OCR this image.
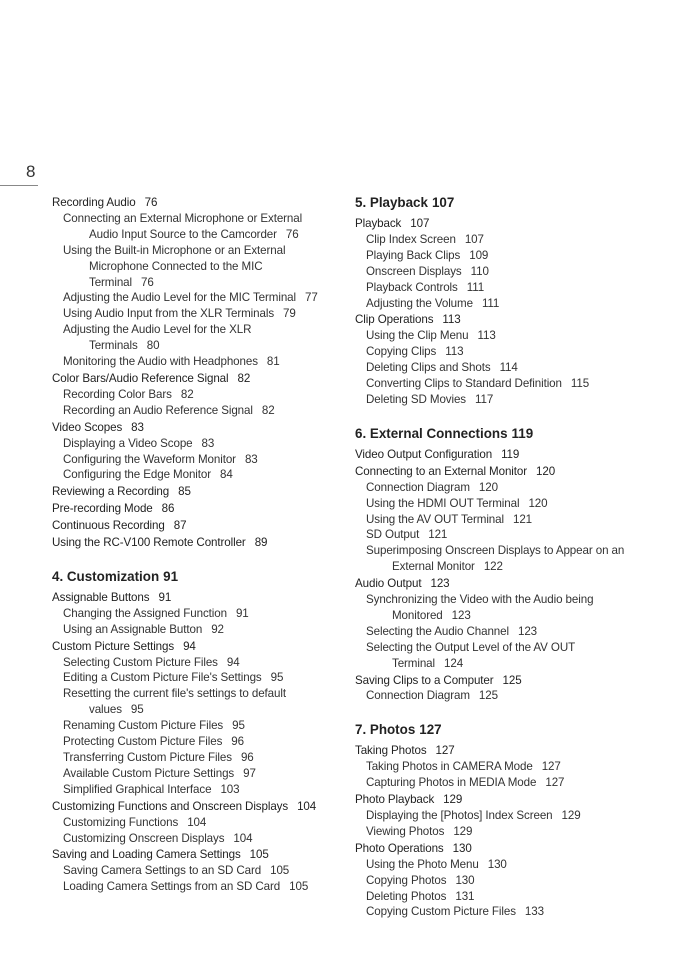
8
Recording Audio 76
Connecting an External Microphone or External Audio Input Source to the Camcorder 76
Using the Built-in Microphone or an External Microphone Connected to the MIC Terminal 76
Adjusting the Audio Level for the MIC Terminal 77
Using Audio Input from the XLR Terminals 79
Adjusting the Audio Level for the XLR Terminals 80
Monitoring the Audio with Headphones 81
Color Bars/Audio Reference Signal 82
Recording Color Bars 82
Recording an Audio Reference Signal 82
Video Scopes 83
Displaying a Video Scope 83
Configuring the Waveform Monitor 83
Configuring the Edge Monitor 84
Reviewing a Recording 85
Pre-recording Mode 86
Continuous Recording 87
Using the RC-V100 Remote Controller 89
4. Customization 91
Assignable Buttons 91
Changing the Assigned Function 91
Using an Assignable Button 92
Custom Picture Settings 94
Selecting Custom Picture Files 94
Editing a Custom Picture File's Settings 95
Resetting the current file's settings to default values 95
Renaming Custom Picture Files 95
Protecting Custom Picture Files 96
Transferring Custom Picture Files 96
Available Custom Picture Settings 97
Simplified Graphical Interface 103
Customizing Functions and Onscreen Displays 104
Customizing Functions 104
Customizing Onscreen Displays 104
Saving and Loading Camera Settings 105
Saving Camera Settings to an SD Card 105
Loading Camera Settings from an SD Card 105
5. Playback 107
Playback 107
Clip Index Screen 107
Playing Back Clips 109
Onscreen Displays 110
Playback Controls 111
Adjusting the Volume 111
Clip Operations 113
Using the Clip Menu 113
Copying Clips 113
Deleting Clips and Shots 114
Converting Clips to Standard Definition 115
Deleting SD Movies 117
6. External Connections 119
Video Output Configuration 119
Connecting to an External Monitor 120
Connection Diagram 120
Using the HDMI OUT Terminal 120
Using the AV OUT Terminal 121
SD Output 121
Superimposing Onscreen Displays to Appear on an External Monitor 122
Audio Output 123
Synchronizing the Video with the Audio being Monitored 123
Selecting the Audio Channel 123
Selecting the Output Level of the AV OUT Terminal 124
Saving Clips to a Computer 125
Connection Diagram 125
7. Photos 127
Taking Photos 127
Taking Photos in CAMERA Mode 127
Capturing Photos in MEDIA Mode 127
Photo Playback 129
Displaying the [Photos] Index Screen 129
Viewing Photos 129
Photo Operations 130
Using the Photo Menu 130
Copying Photos 130
Deleting Photos 131
Copying Custom Picture Files 133
